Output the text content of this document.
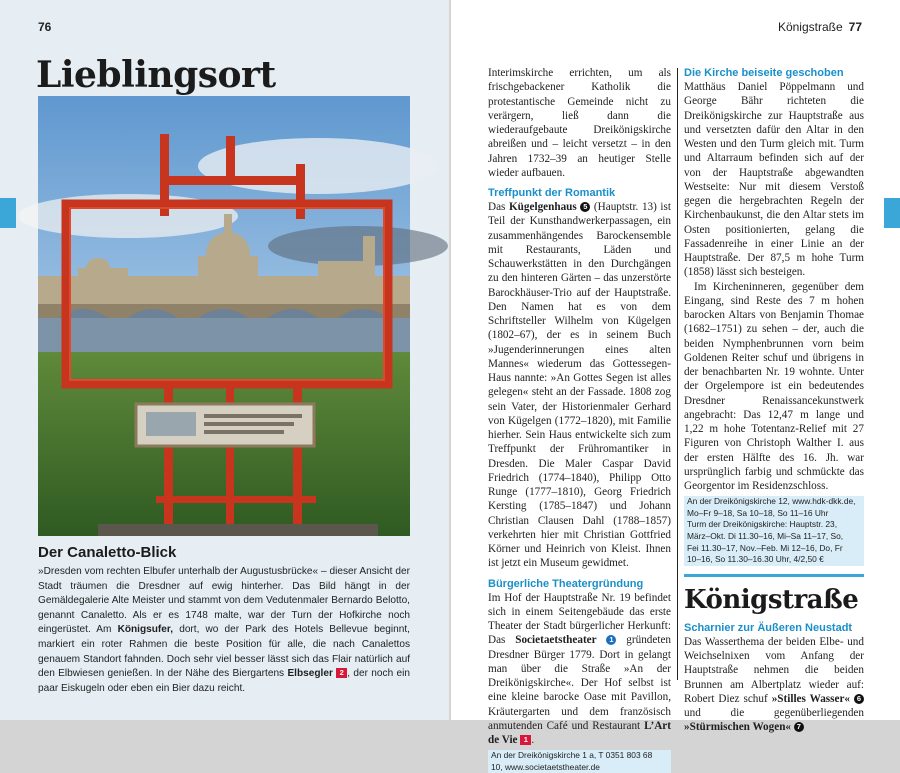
76
Lieblingsort
Der Canaletto-Blick

»Dresden vom rechten Elbufer unterhalb der Augustusbrücke« – dieser Ansicht der Stadt träumen die Dresdner auf ewig hinterher. Das Bild hängt in der Gemäldegalerie Alte Meister und stammt von dem Vedutenmaler Bernardo Belotto, genannt Canaletto. Als er es 1748 malte, war der Turn der Hofkirche noch eingerüstet. Am Königsufer, dort, wo der Park des Hotels Bellevue beginnt, markiert ein roter Rahmen die beste Position für alle, die nach Canalettos genauem Standort fahnden. Doch sehr viel besser lässt sich das Flair natürlich auf den Elbwiesen genießen. In der Nähe des Biergartens Elbsegler 2 , der noch ein paar Eiskugeln oder eben ein Bier dazu reicht.

Königstraße 77

Interimskirche errichten, um als frischgebackener Katholik die protestantische Gemeinde nicht zu verärgern, ließ dann die wiederaufgebaute Dreikönigskirche abreißen und – leicht versetzt – in den Jahren 1732–39 an heutiger Stelle wieder aufbauen.

Treffpunkt der Romantik

Das Kügelgenhaus 5 (Hauptstr. 13) ist Teil der Kunsthandwerkerpassagen, ein zusammenhängendes Barockensemble mit Restaurants, Läden und Schauwerkstätten in den Durchgängen zu den hinteren Gärten – das unzerstörte Barockhäuser-Trio auf der Hauptstraße. Den Namen hat es von dem Schriftsteller Wilhelm von Kügelgen (1802–67), der es in seinem Buch »Jugenderinnerungen eines alten Mannes« wiederum das Gottessegen-Haus nannte: »An Gottes Segen ist alles gelegen« steht an der Fassade. 1808 zog sein Vater, der Historienmaler Gerhard von Kügelgen (1772–1820), mit Familie hierher. Sein Haus entwickelte sich zum Treffpunkt der Frühromantiker in Dresden. Die Maler Caspar David Friedrich (1774–1840), Philipp Otto Runge (1777–1810), Georg Friedrich Kersting (1785–1847) und Johann Christian Clausen Dahl (1788–1857) verkehrten hier mit Christian Gottfried Körner und Heinrich von Kleist. Ihnen ist jetzt ein Museum gewidmet.

Bürgerliche Theatergründung

Im Hof der Hauptstraße Nr. 19 befindet sich in einem Seitengebäude das erste Theater der Stadt bürgerlicher Herkunft: Das Societaetstheater 1 gründeten Dresdner Bürger 1779. Dort in gelangt man über die Straße »An der Dreikönigskirche«. Der Hof selbst ist eine kleine barocke Oase mit Pavillon, Kräutergarten und dem französisch anmutenden Café und Restaurant L’Art de Vie 1 .

An der Dreikönigskirche 1 a, T 0351 803 68
10, www.societaetstheater.de
Die Kirche beiseite geschoben

Matthäus Daniel Pöppelmann und George Bähr richteten die Dreikönigskirche zur Hauptstraße aus und versetzten dafür den Altar in den Westen und den Turm gleich mit. Turm und Altarraum befinden sich auf der von der Hauptstraße abgewandten Westseite: Nur mit diesem Verstoß gegen die hergebrachten Regeln der Kirchenbaukunst, die den Altar stets im Osten positionierten, gelang die Fassadenreihe in einer Linie an der Hauptstraße. Der 87,5 m hohe Turm (1858) lässt sich besteigen.

Im Kircheninneren, gegenüber dem Eingang, sind Reste des 7 m hohen barocken Altars von Benjamin Thomae (1682–1751) zu sehen – der, auch die beiden Nymphenbrunnen vorn beim Goldenen Reiter schuf und übrigens in der benachbarten Nr. 19 wohnte. Unter der Orgelempore ist ein bedeutendes Dresdner Renaissancekunstwerk angebracht: Das 12,47 m lange und 1,22 m hohe Totentanz-Relief mit 27 Figuren von Christoph Walther I. aus der ersten Hälfte des 16. Jh. war ursprünglich farbig und schmückte das Georgentor im Residenzschloss.

An der Dreikönigskirche 12, www.hdk-dkk.de,
Mo–Fr 9–18, Sa 10–18, So 11–16 Uhr
Turm der Dreikönigskirche: Hauptstr. 23,
März–Okt. Di 11.30–16, Mi–Sa 11–17, So,
Fei 11.30–17, Nov.–Feb. Mi 12–16, Do, Fr
10–16, So 11.30–16.30 Uhr, 4/2,50 €
Königstraße
Scharnier zur Äußeren Neustadt

Das Wasserthema der beiden Elbe- und Weichselnixen vom Anfang der Hauptstraße nehmen die beiden Brunnen am Albertplatz wieder auf: Robert Diez schuf »Stilles Wasser« 6 und die gegenüberliegenden »Stürmischen Wogen« 7
